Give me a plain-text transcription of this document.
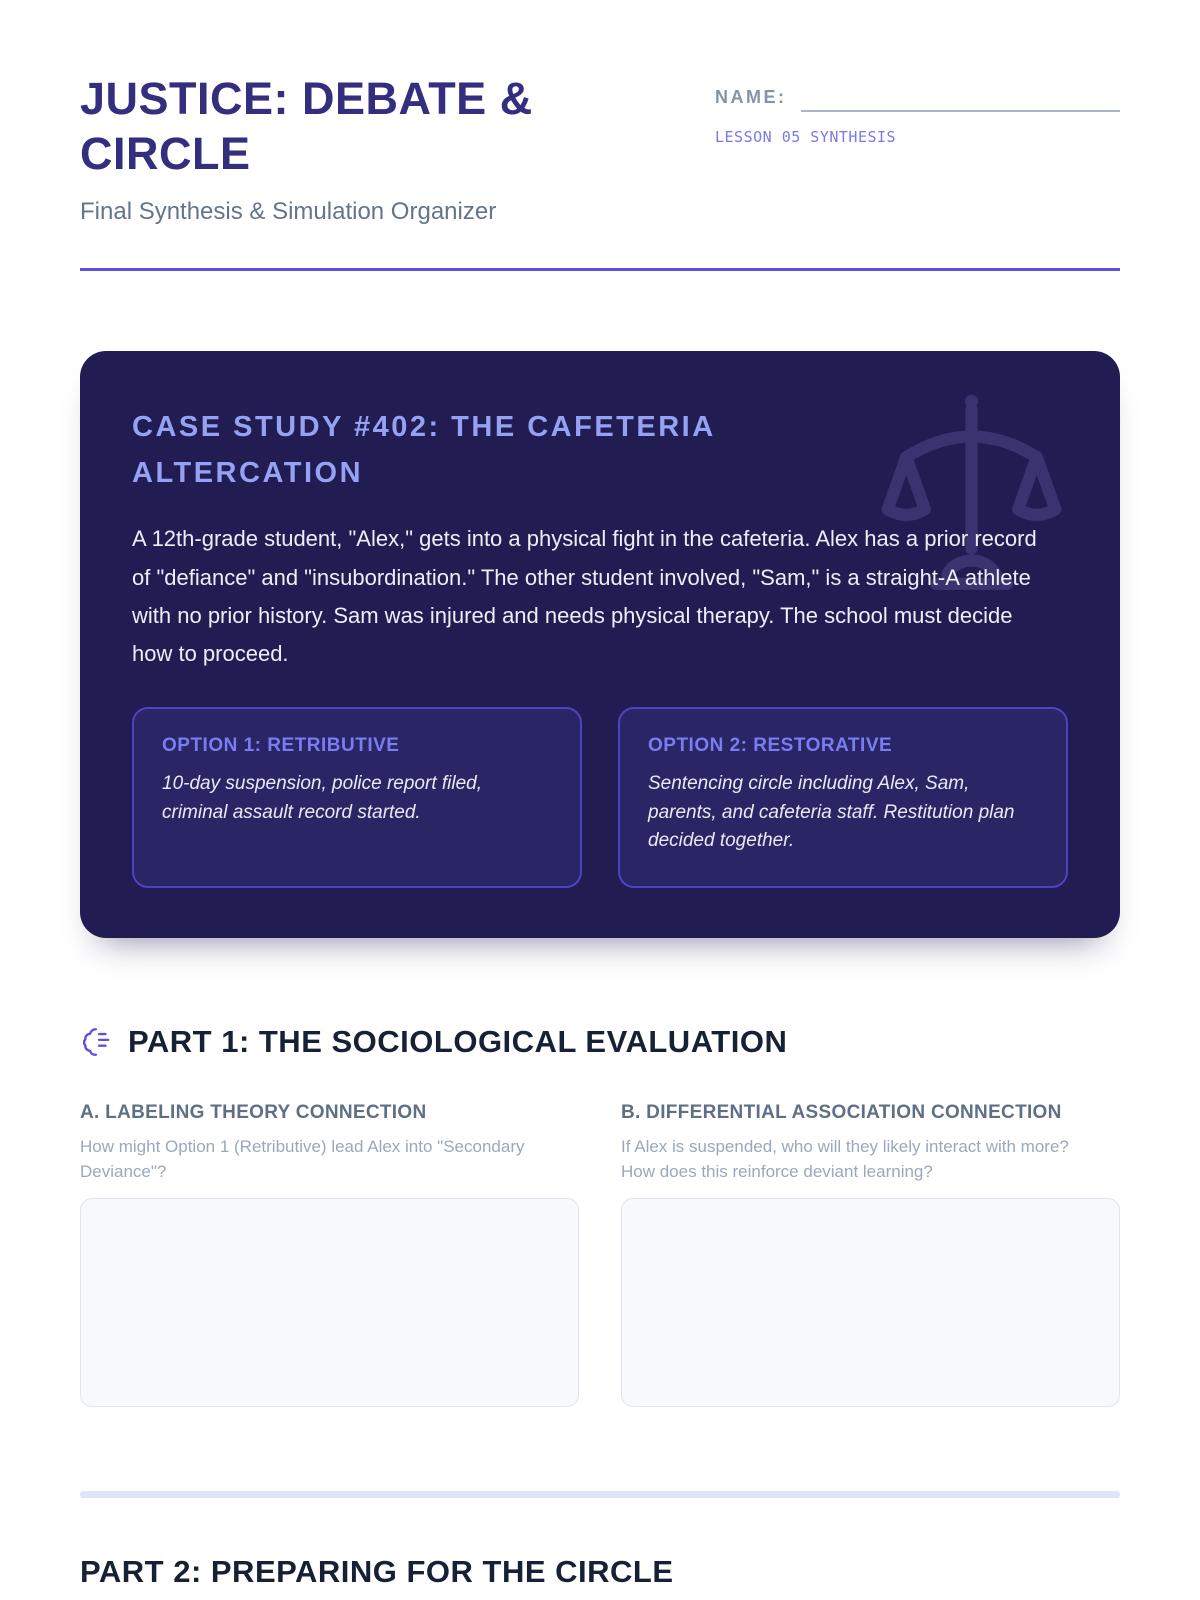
JUSTICE: DEBATE & CIRCLE
Final Synthesis & Simulation Organizer
NAME:
LESSON 05 SYNTHESIS
CASE STUDY #402: THE CAFETERIA ALTERCATION

A 12th-grade student, "Alex," gets into a physical fight in the cafeteria. Alex has a prior record of "defiance" and "insubordination." The other student involved, "Sam," is a straight-A athlete with no prior history. Sam was injured and needs physical therapy. The school must decide how to proceed.

OPTION 1: RETRIBUTIVE
10-day suspension, police report filed, criminal assault record started.
OPTION 2: RESTORATIVE
Sentencing circle including Alex, Sam, parents, and cafeteria staff. Restitution plan decided together.
PART 1: THE SOCIOLOGICAL EVALUATION
A. LABELING THEORY CONNECTION
How might Option 1 (Retributive) lead Alex into "Secondary Deviance"?
B. DIFFERENTIAL ASSOCIATION CONNECTION
If Alex is suspended, who will they likely interact with more? How does this reinforce deviant learning?
PART 2: PREPARING FOR THE CIRCLE
